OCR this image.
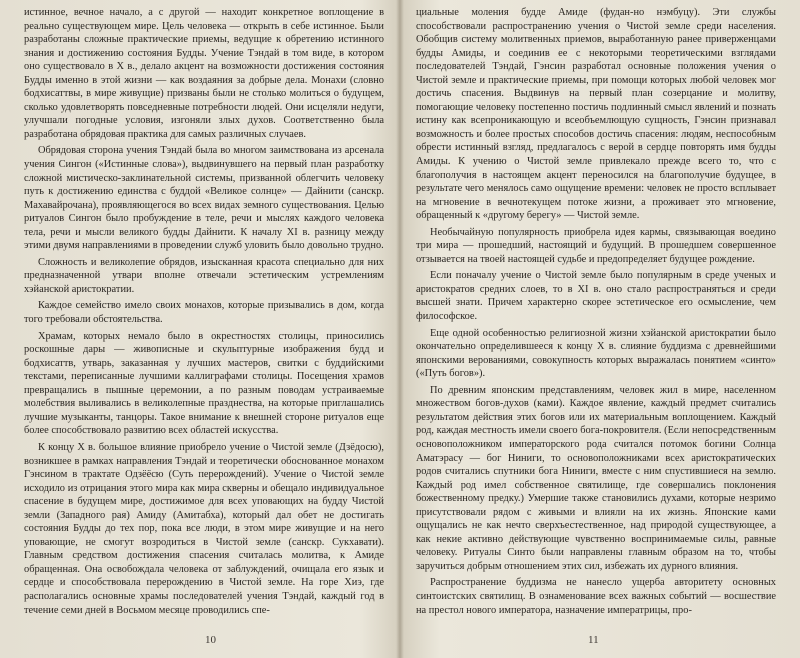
истинное, вечное начало, а с другой — находит конкретное воплощение в реально существующем мире. Цель человека — открыть в себе истинное. Были разработаны сложные практические приемы, ведущие к обретению истинного знания и достижению состояния Будды. Учение Тэндай в том виде, в котором оно существовало в X в., делало акцент на возможности достижения состояния Будды именно в этой жизни — как воздаяния за добрые дела. Монахи (словно бодхисаттвы, в мире живущие) призваны были не столько молиться о будущем, сколько удовлетворять повседневные потребности людей. Они исцеляли недуги, улучшали погодные условия, изгоняли злых духов. Соответственно была разработана обрядовая практика для самых различных случаев.

Обрядовая сторона учения Тэндай была во многом заимствована из арсенала учения Сингон («Истинные слова»), выдвинувшего на первый план разработку сложной мистическо-заклинательной системы, призванной облегчить человеку путь к достижению единства с буддой «Великое солнце» — Дайнити (санскр. Махавайрочана), проявляющегося во всех видах земного существования. Целью ритуалов Сингон было пробуждение в теле, речи и мыслях каждого человека тела, речи и мысли великого будды Дайнити. К началу XI в. разницу между этими двумя направлениями в проведении служб уловить было довольно трудно.

Сложность и великолепие обрядов, изысканная красота специально для них предназначенной утвари вполне отвечали эстетическим устремлениям хэйанской аристократии.

Каждое семейство имело своих монахов, которые призывались в дом, когда того требовали обстоятельства.

Храмам, которых немало было в окрестностях столицы, приносились роскошные дары — живописные и скульптурные изображения будд и бодхисаттв, утварь, заказанная у лучших мастеров, свитки с буддийскими текстами, переписанные лучшими каллиграфами столицы. Посещения храмов превращались в пышные церемонии, а по разным поводам устраиваемые молебствия выливались в великолепные празднества, на которые приглашались лучшие музыканты, танцоры. Такое внимание к внешней стороне ритуалов еще более способствовало развитию всех областей искусства.

К концу X в. большое влияние приобрело учение о Чистой земле (Дзёдосю), возникшее в рамках направления Тэндай и теоретически обоснованное монахом Гэнсином в трактате Одзёёсю (Суть перерождений). Учение о Чистой земле исходило из отрицания этого мира как мира скверны и обещало индивидуальное спасение в будущем мире, достижимое для всех уповающих на будду Чистой земли (Западного рая) Амиду (Амитабха), который дал обет не достигать состояния Будды до тех пор, пока все люди, в этом мире живущие и на него уповающие, не смогут возродиться в Чистой земле (санскр. Сукхавати). Главным средством достижения спасения считалась молитва, к Амиде обращенная. Она освобождала человека от заблуждений, очищала его язык и сердце и способствовала перерождению в Чистой земле. На горе Хиэ, где располагались основные храмы последователей учения Тэндай, каждый год в течение семи дней в Восьмом месяце проводились спе-

10

циальные моления будде Амиде (фудан-но нэмбуцу). Эти службы способствовали распространению учения о Чистой земле среди населения. Обобщив систему молитвенных приемов, выработанную ранее приверженцами будды Амиды, и соединив ее с некоторыми теоретическими взглядами последователей Тэндай, Гэнсин разработал основные положения учения о Чистой земле и практические приемы, при помощи которых любой человек мог достичь спасения. Выдвинув на первый план созерцание и молитву, помогающие человеку постепенно постичь подлинный смысл явлений и познать истину как всепроникающую и всеобъемлющую сущность, Гэнсин признавал возможность и более простых способов достичь спасения: людям, неспособным обрести истинный взгляд, предлагалось с верой в сердце повторять имя будды Амиды. К учению о Чистой земле привлекало прежде всего то, что с благополучия в настоящем акцент переносился на благополучие будущее, в результате чего менялось само ощущение времени: человек не просто всплывает на мгновение в вечнотекущем потоке жизни, а проживает это мгновение, обращенный к «другому берегу» — Чистой земле.

Необычайную популярность приобрела идея кармы, связывающая воедино три мира — прошедший, настоящий и будущий. В прошедшем совершенное отзывается на твоей настоящей судьбе и предопределяет будущее рождение.

Если поначалу учение о Чистой земле было популярным в среде ученых и аристократов средних слоев, то в XI в. оно стало распространяться и среди высшей знати. Причем характерно скорее эстетическое его осмысление, чем философское.

Еще одной особенностью религиозной жизни хэйанской аристократии было окончательно определившееся к концу X в. слияние буддизма с древнейшими японскими верованиями, совокупность которых выражалась понятием «синто» («Путь богов»).

По древним японским представлениям, человек жил в мире, населенном множеством богов-духов (ками). Каждое явление, каждый предмет считались результатом действия этих богов или их материальным воплощением. Каждый род, каждая местность имели своего бога-покровителя. (Если непосредственным основоположником императорского рода считался потомок богини Солнца Аматэрасу — бог Ниниги, то основоположниками всех аристократических родов считались спутники бога Ниниги, вместе с ним спустившиеся на землю. Каждый род имел собственное святилище, где совершались поклонения божественному предку.) Умершие также становились духами, которые незримо присутствовали рядом с живыми и влияли на их жизнь. Японские ками ощущались не как нечто сверхъестественное, над природой существующее, а как некие активно действующие чувственно воспринимаемые силы, равные человеку. Ритуалы Синто были направлены главным образом на то, чтобы заручиться добрым отношением этих сил, избежать их дурного влияния.

Распространение буддизма не нанесло ущерба авторитету основных синтоистских святилищ. В ознаменование всех важных событий — восшествие на престол нового императора, назначение императрицы, про-

11
